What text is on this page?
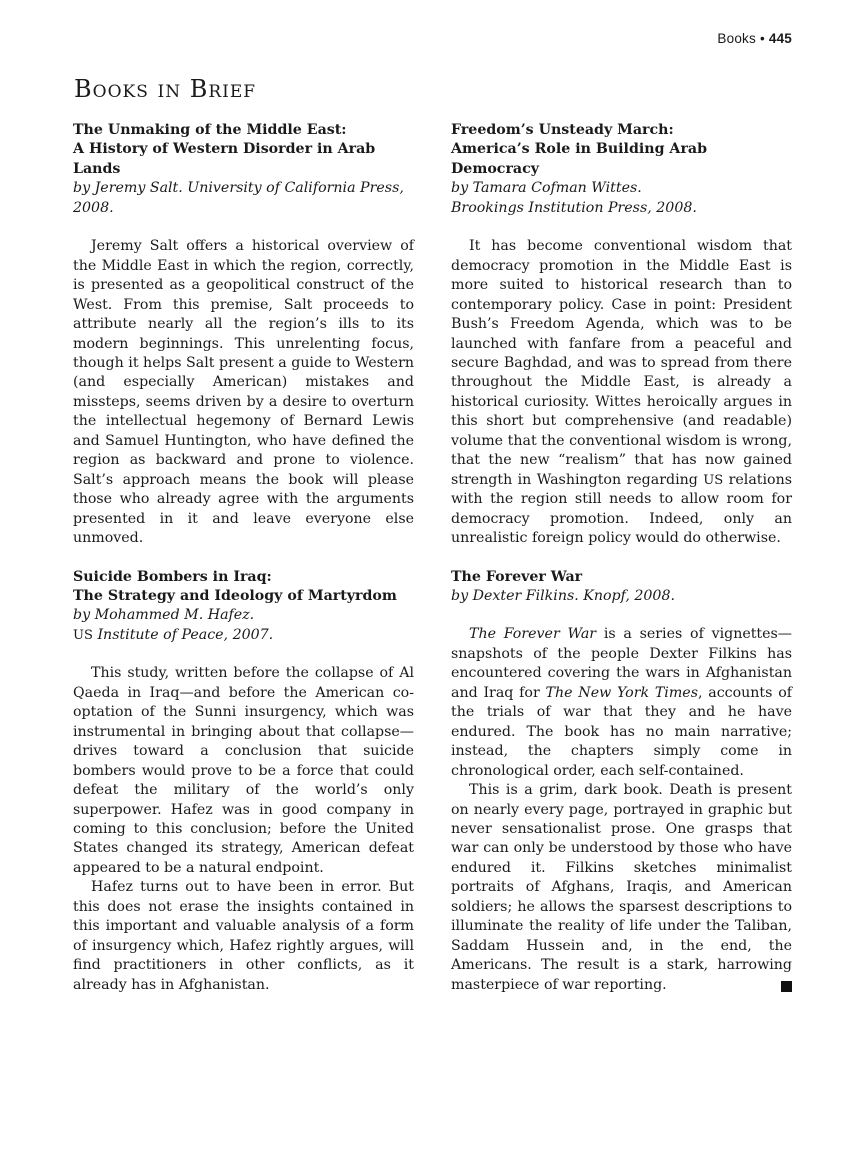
Books • 445
Books in Brief
The Unmaking of the Middle East:
A History of Western Disorder in Arab Lands
by Jeremy Salt. University of California Press, 2008.

Jeremy Salt offers a historical overview of the Middle East in which the region, correctly, is presented as a geopolitical construct of the West. From this premise, Salt proceeds to attribute nearly all the region’s ills to its modern beginnings. This unrelenting focus, though it helps Salt present a guide to Western (and especially American) mistakes and missteps, seems driven by a desire to overturn the intellectual hegemony of Bernard Lewis and Samuel Huntington, who have defined the region as backward and prone to violence. Salt’s approach means the book will please those who already agree with the arguments presented in it and leave everyone else unmoved.

Suicide Bombers in Iraq:
The Strategy and Ideology of Martyrdom
by Mohammed M. Hafez.
US Institute of Peace, 2007.

This study, written before the collapse of Al Qaeda in Iraq—and before the American co-optation of the Sunni insurgency, which was instrumental in bringing about that collapse—drives toward a conclusion that suicide bombers would prove to be a force that could defeat the military of the world’s only superpower. Hafez was in good company in coming to this conclusion; before the United States changed its strategy, American defeat appeared to be a natural endpoint.

Hafez turns out to have been in error. But this does not erase the insights contained in this important and valuable analysis of a form of insurgency which, Hafez rightly argues, will find practitioners in other conflicts, as it already has in Afghanistan.

Freedom’s Unsteady March:
America’s Role in Building Arab Democracy
by Tamara Cofman Wittes.
Brookings Institution Press, 2008.

It has become conventional wisdom that democracy promotion in the Middle East is more suited to historical research than to contemporary policy. Case in point: President Bush’s Freedom Agenda, which was to be launched with fanfare from a peaceful and secure Baghdad, and was to spread from there throughout the Middle East, is already a historical curiosity. Wittes heroically argues in this short but comprehensive (and readable) volume that the conventional wisdom is wrong, that the new “realism” that has now gained strength in Washington regarding US relations with the region still needs to allow room for democracy promotion. Indeed, only an unrealistic foreign policy would do otherwise.

The Forever War
by Dexter Filkins. Knopf, 2008.

The Forever War is a series of vignettes—snapshots of the people Dexter Filkins has encountered covering the wars in Afghanistan and Iraq for The New York Times, accounts of the trials of war that they and he have endured. The book has no main narrative; instead, the chapters simply come in chronological order, each self-contained.

This is a grim, dark book. Death is present on nearly every page, portrayed in graphic but never sensationalist prose. One grasps that war can only be understood by those who have endured it. Filkins sketches minimalist portraits of Afghans, Iraqis, and American soldiers; he allows the sparsest descriptions to illuminate the reality of life under the Taliban, Saddam Hussein and, in the end, the Americans. The result is a stark, harrowing masterpiece of war reporting.
